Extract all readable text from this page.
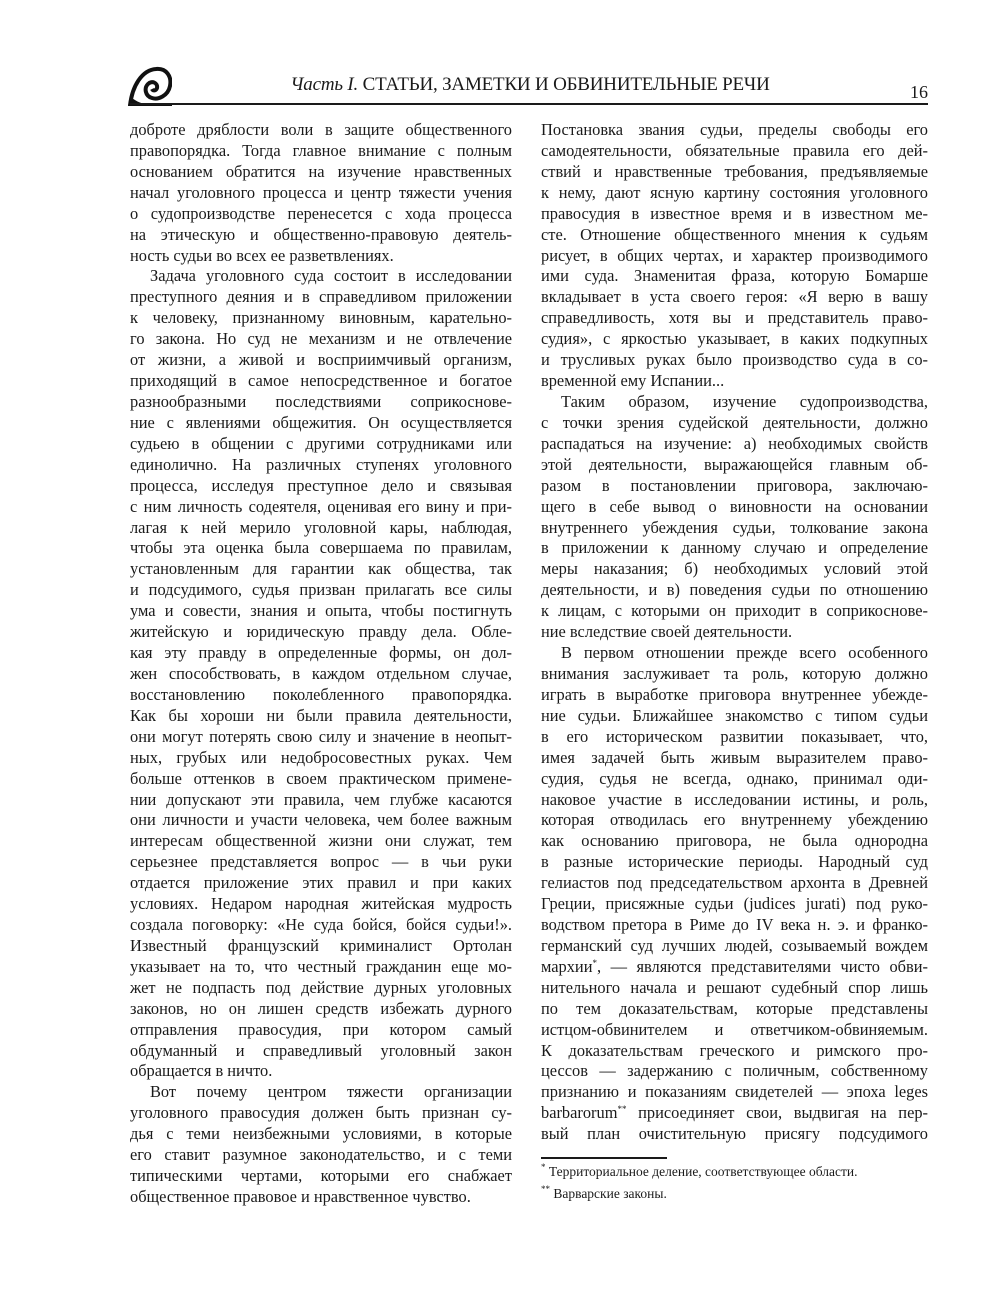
Часть I. СТАТЬИ, ЗАМЕТКИ И ОБВИНИТЕЛЬНЫЕ РЕЧИ	16
доброте дряблости воли в защите общественного
правопорядка. Тогда главное внимание с полным
основанием обратится на изучение нравственных
начал уголовного процесса и центр тяжести учения
о судопроизводстве перенесется с хода процесса
на этическую и общественно-правовую деятель-
ность судьи во всех ее разветвлениях.
Задача уголовного суда состоит в исследовании
преступного деяния и в справедливом приложении
к человеку, признанному виновным, карательно-
го закона. Но суд не механизм и не отвлечение
от жизни, а живой и восприимчивый организм,
приходящий в самое непосредственное и богатое
разнообразными последствиями соприкоснове-
ние с явлениями общежития. Он осуществляется
судьею в общении с другими сотрудниками или
единолично. На различных ступенях уголовного
процесса, исследуя преступное дело и связывая
с ним личность содеятеля, оценивая его вину и при-
лагая к ней мерило уголовной кары, наблюдая,
чтобы эта оценка была совершаема по правилам,
установленным для гарантии как общества, так
и подсудимого, судья призван прилагать все силы
ума и совести, знания и опыта, чтобы постигнуть
житейскую и юридическую правду дела. Обле-
кая эту правду в определенные формы, он дол-
жен способствовать, в каждом отдельном случае,
восстановлению поколебленного правопорядка.
Как бы хороши ни были правила деятельности,
они могут потерять свою силу и значение в неопыт-
ных, грубых или недобросовестных руках. Чем
больше оттенков в своем практическом примене-
нии допускают эти правила, чем глубже касаются
они личности и участи человека, чем более важным
интересам общественной жизни они служат, тем
серьезнее представляется вопрос — в чьи руки
отдается приложение этих правил и при каких
условиях. Недаром народная житейская мудрость
создала поговорку: «Не суда бойся, бойся судьи!».
Известный французский криминалист Ортолан
указывает на то, что честный гражданин еще мо-
жет не подпасть под действие дурных уголовных
законов, но он лишен средств избежать дурного
отправления правосудия, при котором самый
обдуманный и справедливый уголовный закон
обращается в ничто.
Вот почему центром тяжести организации
уголовного правосудия должен быть признан су-
дья с теми неизбежными условиями, в которые
его ставит разумное законодательство, и с теми
типическими чертами, которыми его снабжает
общественное правовое и нравственное чувство.
Постановка звания судьи, пределы свободы его
самодеятельности, обязательные правила его дей-
ствий и нравственные требования, предъявляемые
к нему, дают ясную картину состояния уголовного
правосудия в известное время и в известном ме-
сте. Отношение общественного мнения к судьям
рисует, в общих чертах, и характер производимого
ими суда. Знаменитая фраза, которую Бомарше
вкладывает в уста своего героя: «Я верю в вашу
справедливость, хотя вы и представитель право-
судия», с яркостью указывает, в каких подкупных
и трусливых руках было производство суда в со-
временной ему Испании...
Таким образом, изучение судопроизводства,
с точки зрения судейской деятельности, должно
распадаться на изучение: а) необходимых свойств
этой деятельности, выражающейся главным об-
разом в постановлении приговора, заключаю-
щего в себе вывод о виновности на основании
внутреннего убеждения судьи, толкование закона
в приложении к данному случаю и определение
меры наказания; б) необходимых условий этой
деятельности, и в) поведения судьи по отношению
к лицам, с которыми он приходит в соприкоснове-
ние вследствие своей деятельности.
В первом отношении прежде всего особенного
внимания заслуживает та роль, которую должно
играть в выработке приговора внутреннее убежде-
ние судьи. Ближайшее знакомство с типом судьи
в его историческом развитии показывает, что,
имея задачей быть живым выразителем право-
судия, судья не всегда, однако, принимал оди-
наковое участие в исследовании истины, и роль,
которая отводилась его внутреннему убеждению
как основанию приговора, не была однородна
в разные исторические периоды. Народный суд
гелиастов под председательством архонта в Древней
Греции, присяжные судьи (judices jurati) под руко-
водством претора в Риме до IV века н. э. и франко-
германский суд лучших людей, созываемый вождем
мархии*, — являются представителями чисто обви-
нительного начала и решают судебный спор лишь
по тем доказательствам, которые представлены
истцом-обвинителем и ответчиком-обвиняемым.
К доказательствам греческого и римского про-
цессов — задержанию с поличным, собственному
признанию и показаниям свидетелей — эпоха leges
barbarorum** присоединяет свои, выдвигая на пер-
вый план очистительную присягу подсудимого
* Территориальное деление, соответствующее области.
** Варварские законы.
